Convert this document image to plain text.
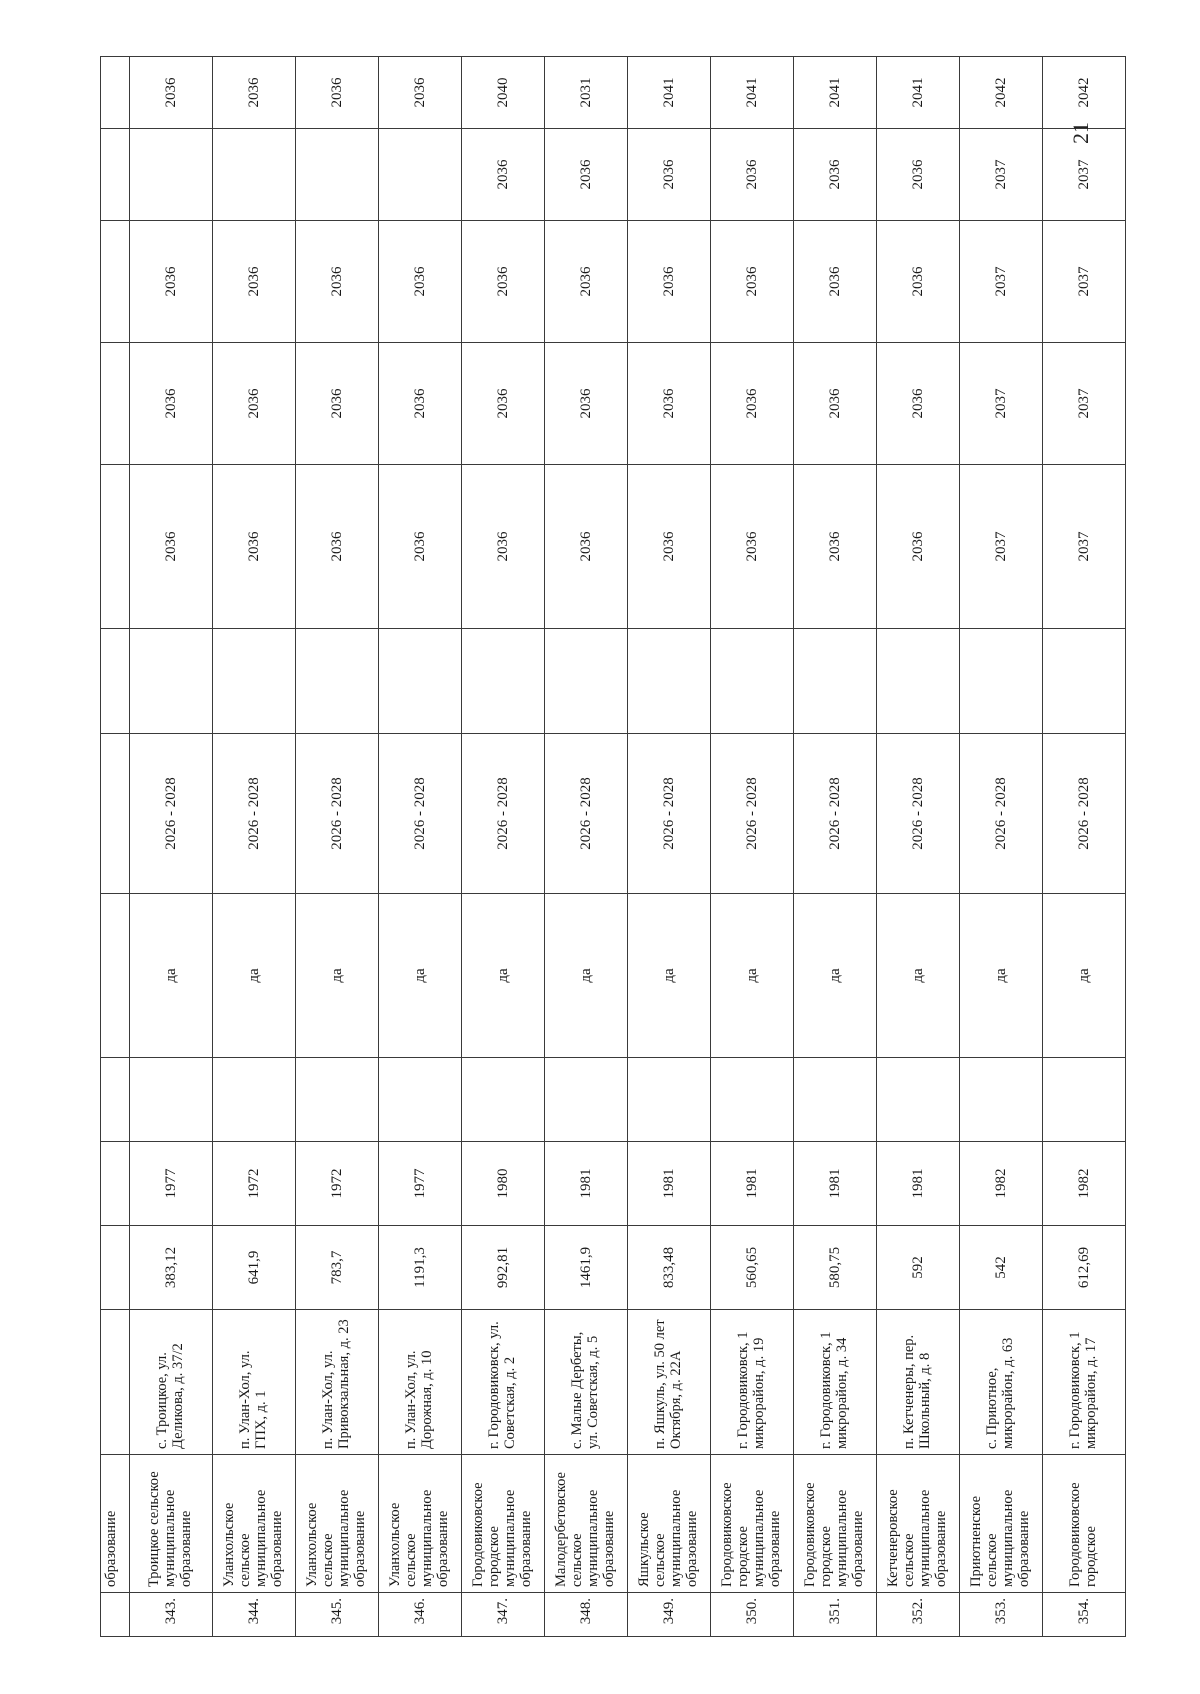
	образование												
343.	Троицкое сельское муниципальное образование	с. Троицкое, ул. Деликова, д. 37/2	383,12	1977		да	2026 - 2028		2036	2036	2036		2036
344.	Уланхольское сельское муниципальное образование	п. Улан-Хол, ул. ГПХ, д. 1	641,9	1972		да	2026 - 2028		2036	2036	2036		2036
345.	Уланхольское сельское муниципальное образование	п. Улан-Хол, ул. Привокзальная, д. 23	783,7	1972		да	2026 - 2028		2036	2036	2036		2036
346.	Уланхольское сельское муниципальное образование	п. Улан-Хол, ул. Дорожная, д. 10	1191,3	1977		да	2026 - 2028		2036	2036	2036		2036
347.	Городовиковское городское муниципальное образование	г. Городовиковск, ул. Советская, д. 2	992,81	1980		да	2026 - 2028		2036	2036	2036	2036	2040
348.	Малодербетовское сельское муниципальное образование	с. Малые Дербеты, ул. Советская, д. 5	1461,9	1981		да	2026 - 2028		2036	2036	2036	2036	2031
349.	Яшкульское сельское муниципальное образование	п. Яшкуль, ул. 50 лет Октября, д. 22А	833,48	1981		да	2026 - 2028		2036	2036	2036	2036	2041
350.	Городовиковское городское муниципальное образование	г. Городовиковск, 1 микрорайон, д. 19	560,65	1981		да	2026 - 2028		2036	2036	2036	2036	2041
351.	Городовиковское городское муниципальное образование	г. Городовиковск, 1 микрорайон, д. 34	580,75	1981		да	2026 - 2028		2036	2036	2036	2036	2041
352.	Кетченеровское сельское муниципальное образование	п. Кетченеры, пер. Школьный, д. 8	592	1981		да	2026 - 2028		2036	2036	2036	2036	2041
353.	Приютненское сельское муниципальное образование	с. Приютное, микрорайон, д. 63	542	1982		да	2026 - 2028		2037	2037	2037	2037	2042
354.	Городовиковское городское	г. Городовиковск, 1 микрорайон, д. 17	612,69	1982		да	2026 - 2028		2037	2037	2037	2037	2042
21
